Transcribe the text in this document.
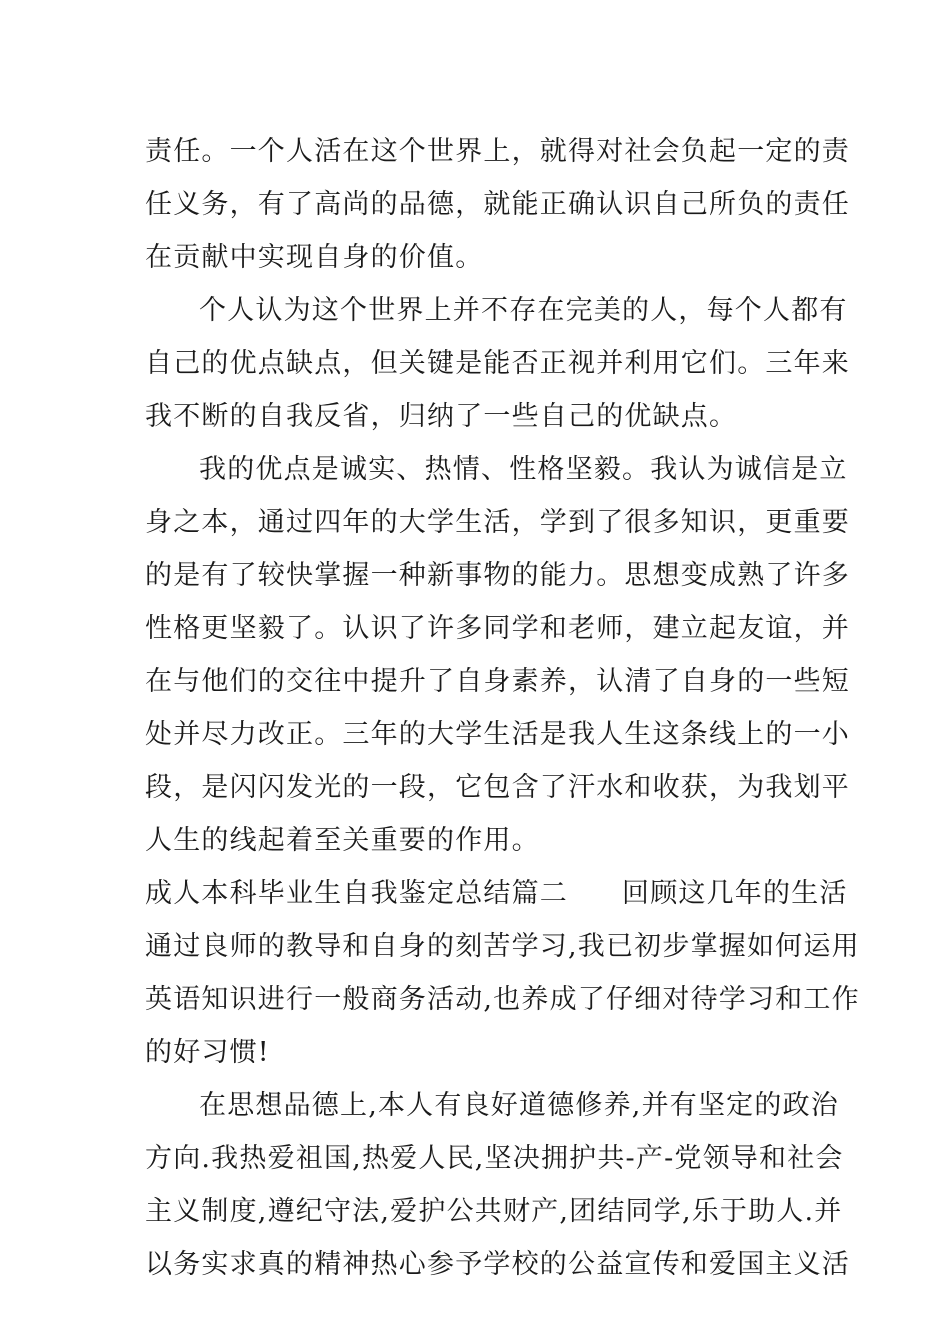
责任。一个人活在这个世界上，就得对社会负起一定的责
任义务，有了高尚的品德，就能正确认识自己所负的责任
在贡献中实现自身的价值。
个人认为这个世界上并不存在完美的人，每个人都有
自己的优点缺点，但关键是能否正视并利用它们。三年来
我不断的自我反省，归纳了一些自己的优缺点。
我的优点是诚实、热情、性格坚毅。我认为诚信是立
身之本，通过四年的大学生活，学到了很多知识，更重要
的是有了较快掌握一种新事物的能力。思想变成熟了许多
性格更坚毅了。认识了许多同学和老师，建立起友谊，并
在与他们的交往中提升了自身素养，认清了自身的一些短
处并尽力改正。三年的大学生活是我人生这条线上的一小
段，是闪闪发光的一段，它包含了汗水和收获，为我划平
人生的线起着至关重要的作用。
成人本科毕业生自我鉴定总结篇二 回顾这几年的生活
通过良师的教导和自身的刻苦学习,我已初步掌握如何运用
英语知识进行一般商务活动,也养成了仔细对待学习和工作
的好习惯!
在思想品德上,本人有良好道德修养,并有坚定的政治
方向.我热爱祖国,热爱人民,坚决拥护共-产-党领导和社会
主义制度,遵纪守法,爱护公共财产,团结同学,乐于助人.并
以务实求真的精神热心参予学校的公益宣传和爱国主义活
